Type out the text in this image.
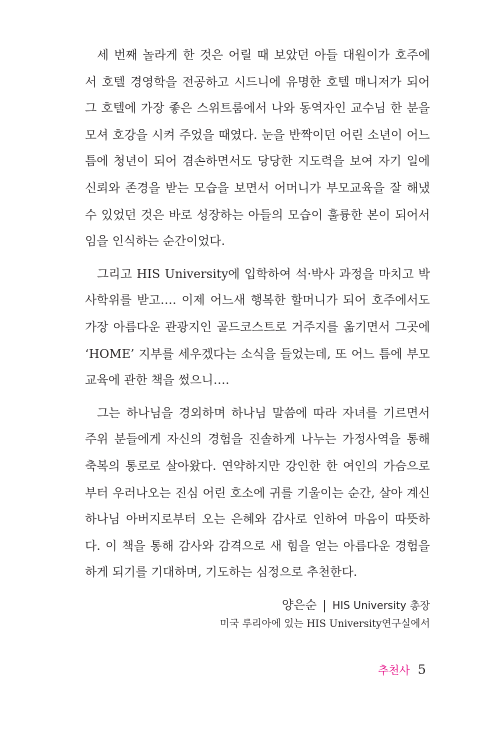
세 번째 놀라게 한 것은 어릴 때 보았던 아들 대원이가 호주에
서 호텔 경영학을 전공하고 시드니에 유명한 호텔 매니저가 되어
그 호텔에 가장 좋은 스위트룸에서 나와 동역자인 교수님 한 분을
모셔 호강을 시켜 주었을 때였다. 눈을 반짝이던 어린 소년이 어느
틈에 청년이 되어 겸손하면서도 당당한 지도력을 보여 자기 일에
신뢰와 존경을 받는 모습을 보면서 어머니가 부모교육을 잘 해냈
수 있었던 것은 바로 성장하는 아들의 모습이 훌륭한 본이 되어서
임을 인식하는 순간이었다.

그리고 HIS University에 입학하여 석·박사 과정을 마치고 박
사학위를 받고…. 이제 어느새 행복한 할머니가 되어 호주에서도
가장 아름다운 관광지인 골드코스트로 거주지를 옮기면서 그곳에
‘HOME’ 지부를 세우겠다는 소식을 들었는데, 또 어느 틈에 부모
교육에 관한 책을 썼으니….

그는 하나님을 경외하며 하나님 말씀에 따라 자녀를 기르면서
주위 분들에게 자신의 경험을 진솔하게 나누는 가정사역을 통해
축복의 통로로 살아왔다. 연약하지만 강인한 한 여인의 가슴으로
부터 우러나오는 진심 어린 호소에 귀를 기울이는 순간, 살아 계신
하나님 아버지로부터 오는 은혜와 감사로 인하여 마음이 따뜻하
다. 이 책을 통해 감사와 감격으로 새 힘을 얻는 아름다운 경험을
하게 되기를 기대하며, 기도하는 심정으로 추천한다.

양은순 | HIS University 총장
미국 루리아에 있는 HIS University연구실에서
추천사 5
